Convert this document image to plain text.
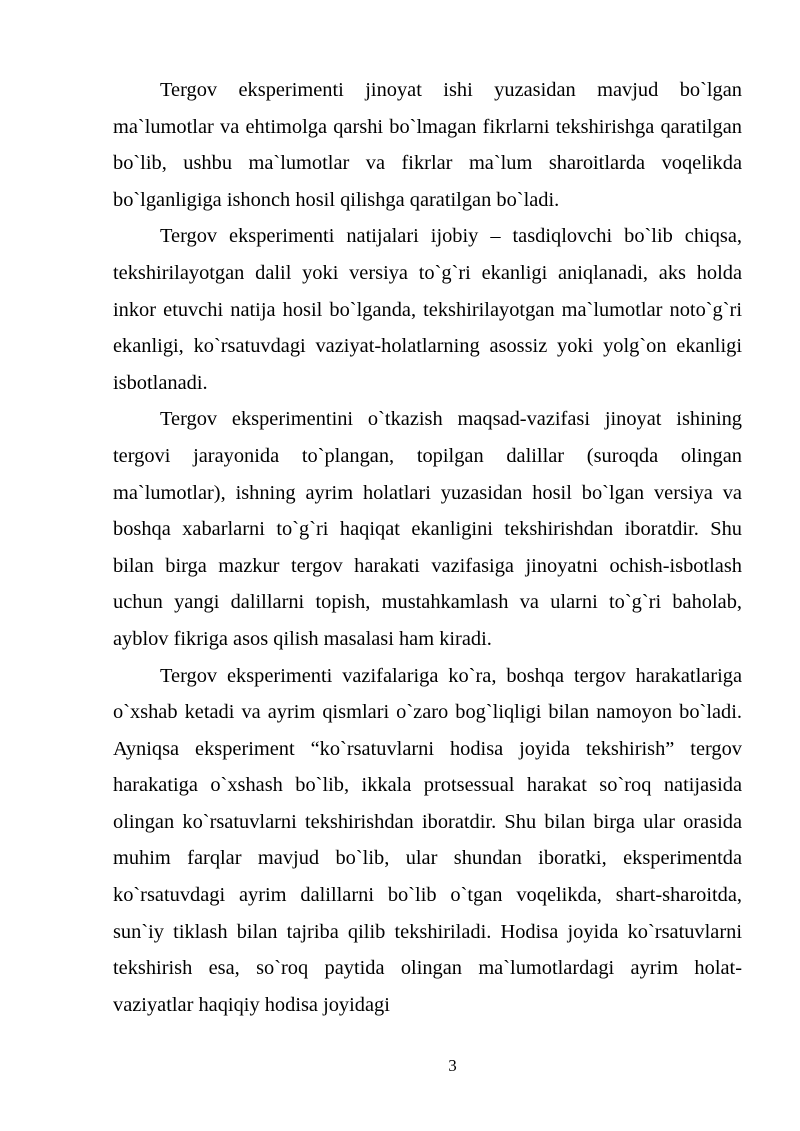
Tergov eksperimenti jinoyat ishi yuzasidan mavjud bo`lgan ma`lumotlar va ehtimolga qarshi bo`lmagan fikrlarni tekshirishga qaratilgan bo`lib, ushbu ma`lumotlar va fikrlar ma`lum sharoitlarda voqelikda bo`lganligiga ishonch hosil qilishga qaratilgan bo`ladi.

Tergov eksperimenti natijalari ijobiy – tasdiqlovchi bo`lib chiqsa, tekshirilayotgan dalil yoki versiya to`g`ri ekanligi aniqlanadi, aks holda inkor etuvchi natija hosil bo`lganda, tekshirilayotgan ma`lumotlar noto`g`ri ekanligi, ko`rsatuvdagi vaziyat-holatlarning asossiz yoki yolg`on ekanligi isbotlanadi.

Tergov eksperimentini o`tkazish maqsad-vazifasi jinoyat ishining tergovi jarayonida to`plangan, topilgan dalillar (suroqda olingan ma`lumotlar), ishning ayrim holatlari yuzasidan hosil bo`lgan versiya va boshqa xabarlarni to`g`ri haqiqat ekanligini tekshirishdan iboratdir. Shu bilan birga mazkur tergov harakati vazifasiga jinoyatni ochish-isbotlash uchun yangi dalillarni topish, mustahkamlash va ularni to`g`ri baholab, ayblov fikriga asos qilish masalasi ham kiradi.

Tergov eksperimenti vazifalariga ko`ra, boshqa tergov harakatlariga o`xshab ketadi va ayrim qismlari o`zaro bog`liqligi bilan namoyon bo`ladi. Ayniqsa eksperiment “ko`rsatuvlarni hodisa joyida tekshirish” tergov harakatiga o`xshash bo`lib, ikkala protsessual harakat so`roq natijasida olingan ko`rsatuvlarni tekshirishdan iboratdir. Shu bilan birga ular orasida muhim farqlar mavjud bo`lib, ular shundan iboratki, eksperimentda ko`rsatuvdagi ayrim dalillarni bo`lib o`tgan voqelikda, shart-sharoitda, sun`iy tiklash bilan tajriba qilib tekshiriladi. Hodisa joyida ko`rsatuvlarni tekshirish esa, so`roq paytida olingan ma`lumotlardagi ayrim holat-vaziyatlar haqiqiy hodisa joyidagi

3
